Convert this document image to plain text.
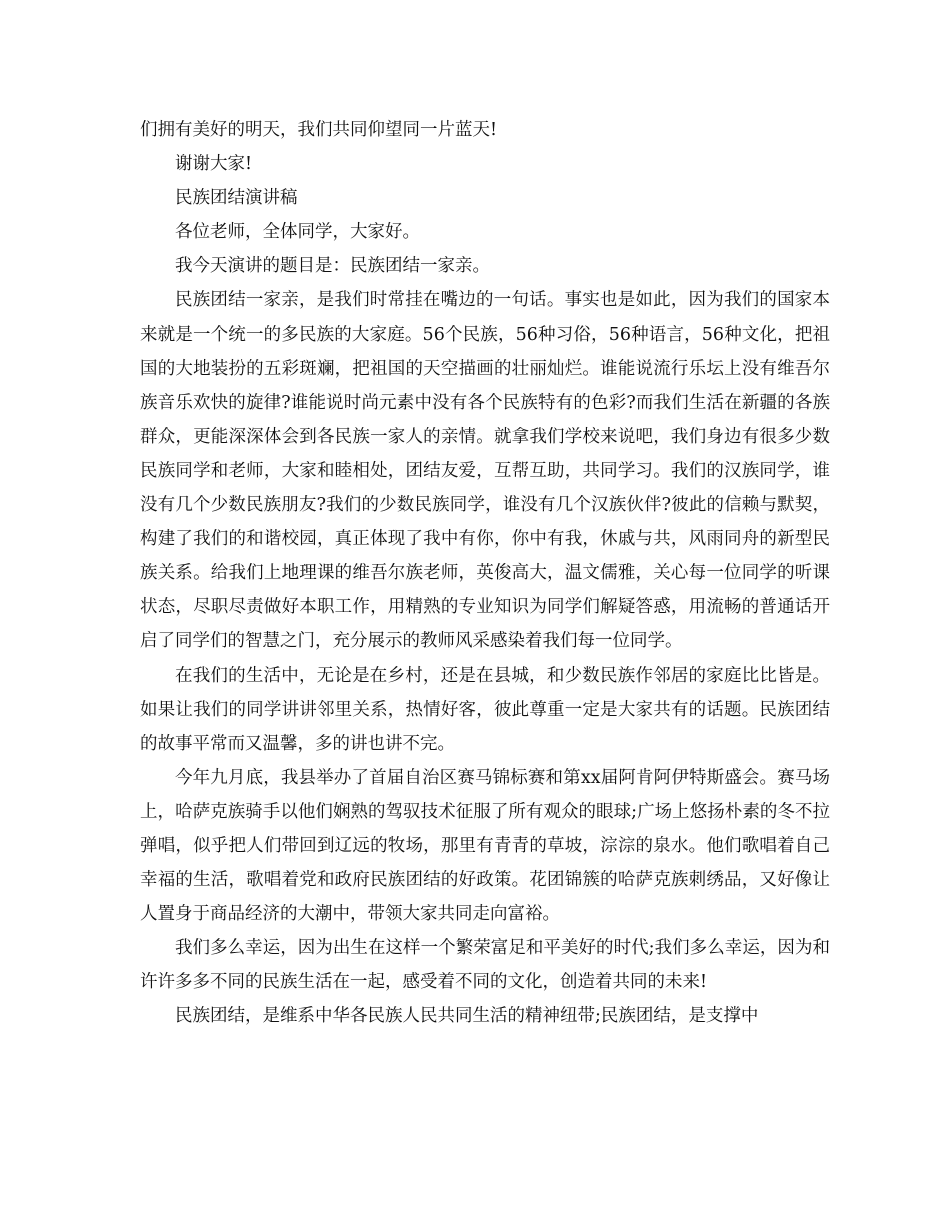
们拥有美好的明天，我们共同仰望同一片蓝天!

谢谢大家!

民族团结演讲稿

各位老师，全体同学，大家好。

我今天演讲的题目是：民族团结一家亲。

民族团结一家亲，是我们时常挂在嘴边的一句话。事实也是如此，因为我们的国家本来就是一个统一的多民族的大家庭。56个民族，56种习俗，56种语言，56种文化，把祖国的大地装扮的五彩斑斓，把祖国的天空描画的壮丽灿烂。谁能说流行乐坛上没有维吾尔族音乐欢快的旋律?谁能说时尚元素中没有各个民族特有的色彩?而我们生活在新疆的各族群众，更能深深体会到各民族一家人的亲情。就拿我们学校来说吧，我们身边有很多少数民族同学和老师，大家和睦相处，团结友爱，互帮互助，共同学习。我们的汉族同学，谁没有几个少数民族朋友?我们的少数民族同学，谁没有几个汉族伙伴?彼此的信赖与默契，构建了我们的和谐校园，真正体现了我中有你，你中有我，休戚与共，风雨同舟的新型民族关系。给我们上地理课的维吾尔族老师，英俊高大，温文儒雅，关心每一位同学的听课状态，尽职尽责做好本职工作，用精熟的专业知识为同学们解疑答惑，用流畅的普通话开启了同学们的智慧之门，充分展示的教师风采感染着我们每一位同学。

在我们的生活中，无论是在乡村，还是在县城，和少数民族作邻居的家庭比比皆是。如果让我们的同学讲讲邻里关系，热情好客，彼此尊重一定是大家共有的话题。民族团结的故事平常而又温馨，多的讲也讲不完。

今年九月底，我县举办了首届自治区赛马锦标赛和第xx届阿肯阿伊特斯盛会。赛马场上，哈萨克族骑手以他们娴熟的驾驭技术征服了所有观众的眼球;广场上悠扬朴素的冬不拉弹唱，似乎把人们带回到辽远的牧场，那里有青青的草坡，淙淙的泉水。他们歌唱着自己幸福的生活，歌唱着党和政府民族团结的好政策。花团锦簇的哈萨克族刺绣品，又好像让人置身于商品经济的大潮中，带领大家共同走向富裕。

我们多么幸运，因为出生在这样一个繁荣富足和平美好的时代;我们多么幸运，因为和许许多多不同的民族生活在一起，感受着不同的文化，创造着共同的未来!

民族团结，是维系中华各民族人民共同生活的精神纽带;民族团结，是支撑中
